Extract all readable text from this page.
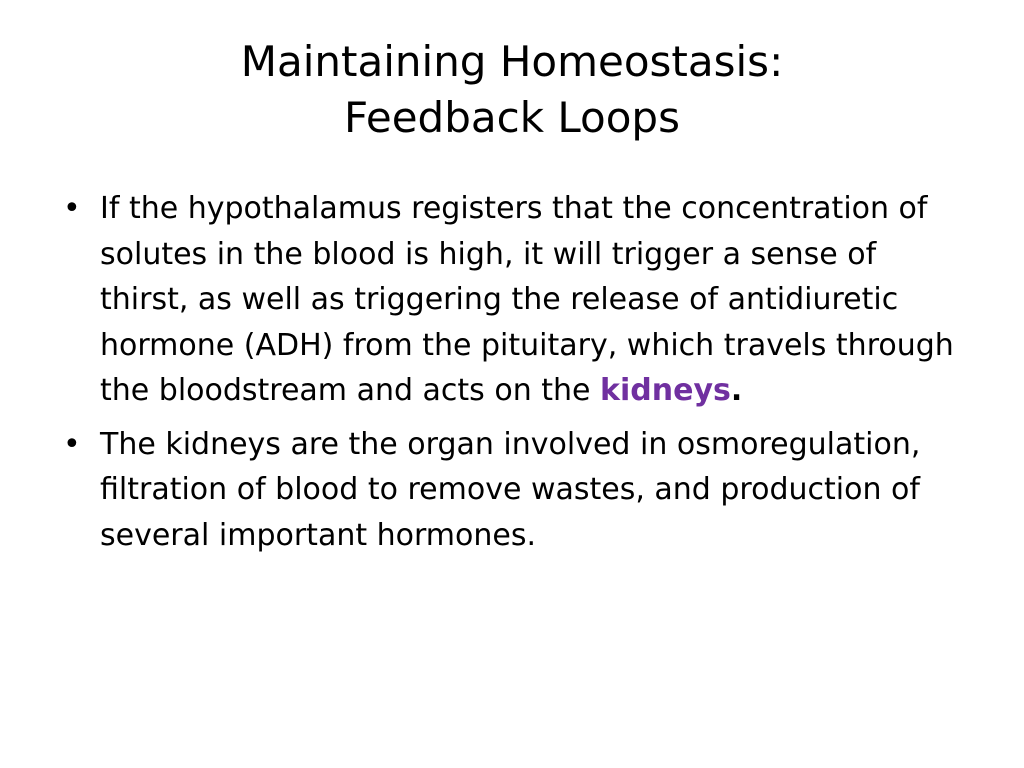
Maintaining Homeostasis:
Feedback Loops
• If the hypothalamus registers that the concentration of solutes in the blood is high, it will trigger a sense of thirst, as well as triggering the release of antidiuretic hormone (ADH) from the pituitary, which travels through the bloodstream and acts on the kidneys.
• The kidneys are the organ involved in osmoregulation, filtration of blood to remove wastes, and production of several important hormones.
